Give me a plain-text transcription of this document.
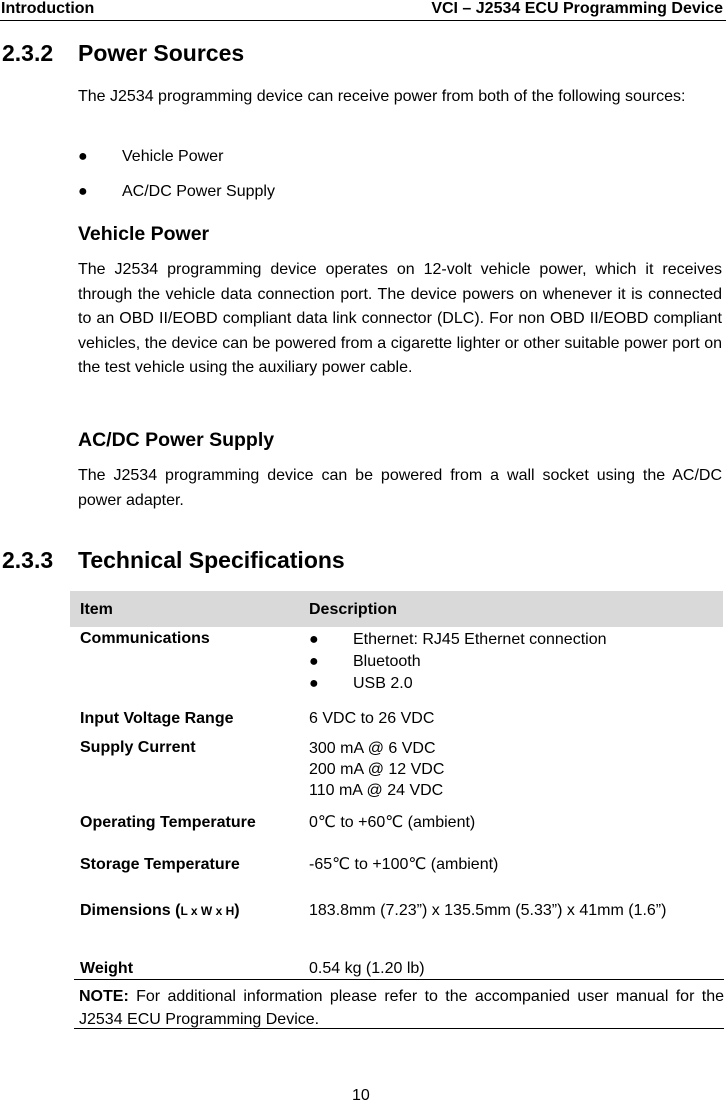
Introduction	VCI – J2534 ECU Programming Device
2.3.2 Power Sources
The J2534 programming device can receive power from both of the following sources:
● Vehicle Power
● AC/DC Power Supply
Vehicle Power
The J2534 programming device operates on 12-volt vehicle power, which it receives through the vehicle data connection port. The device powers on whenever it is connected to an OBD II/EOBD compliant data link connector (DLC). For non OBD II/EOBD compliant vehicles, the device can be powered from a cigarette lighter or other suitable power port on the test vehicle using the auxiliary power cable.
AC/DC Power Supply
The J2534 programming device can be powered from a wall socket using the AC/DC power adapter.
2.3.3 Technical Specifications
Item	Description
Communications	● Ethernet: RJ45 Ethernet connection
● Bluetooth
● USB 2.0
Input Voltage Range	6 VDC to 26 VDC
Supply Current	300 mA @ 6 VDC
200 mA @ 12 VDC
110 mA @ 24 VDC
Operating Temperature	0℃ to +60℃ (ambient)
Storage Temperature	-65℃ to +100℃ (ambient)
Dimensions (L x W x H)	183.8mm (7.23”) x 135.5mm (5.33”) x 41mm (1.6”)
Weight	0.54 kg (1.20 lb)
NOTE: For additional information please refer to the accompanied user manual for the J2534 ECU Programming Device.
10
